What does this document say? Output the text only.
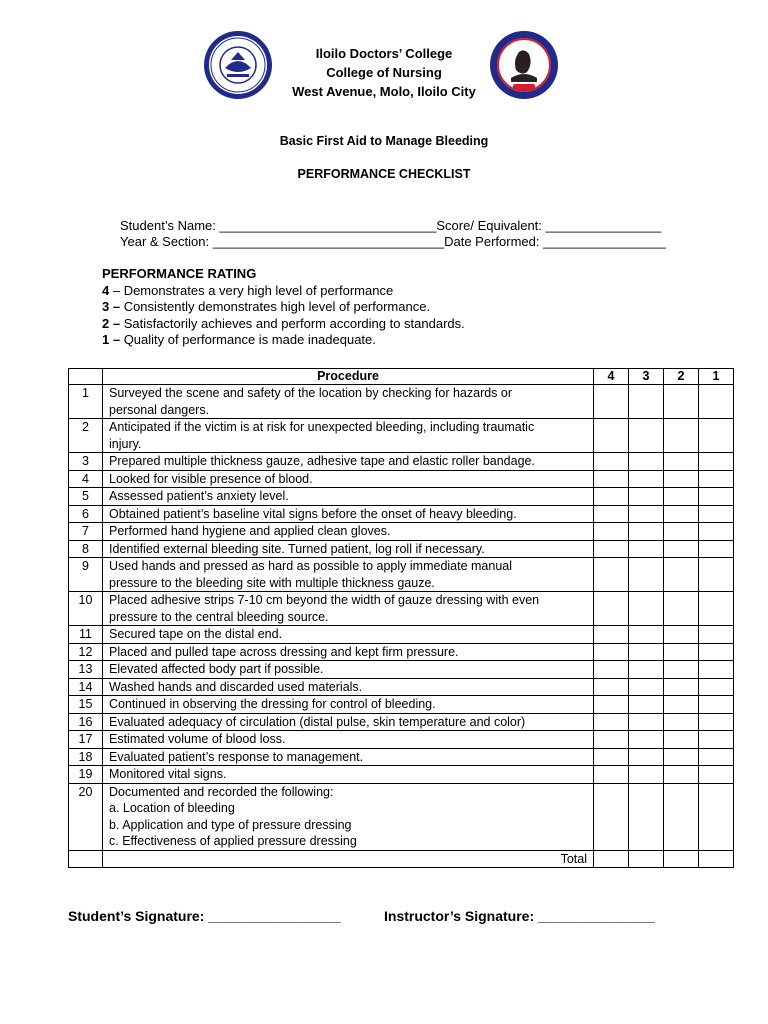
Iloilo Doctors’ College
College of Nursing
West Avenue, Molo, Iloilo City
Basic First Aid to Manage Bleeding
PERFORMANCE CHECKLIST
Student’s Name: ______________________________Score/ Equivalent: ________________
Year & Section: ________________________________Date Performed: _________________
PERFORMANCE RATING
4 – Demonstrates a very high level of performance
3 – Consistently demonstrates high level of performance.
2 – Satisfactorily achieves and perform according to standards.
1 – Quality of performance is made inadequate.
	Procedure	4	3	2	1
1	Surveyed the scene and safety of the location by checking for hazards or
personal dangers.				

2	Anticipated if the victim is at risk for unexpected bleeding, including traumatic
injury.				

3	Prepared multiple thickness gauze, adhesive tape and elastic roller bandage.				

4	Looked for visible presence of blood.				

5	Assessed patient’s anxiety level.				

6	Obtained patient’s baseline vital signs before the onset of heavy bleeding.				

7	Performed hand hygiene and applied clean gloves.				

8	Identified external bleeding site. Turned patient, log roll if necessary.				

9	Used hands and pressed as hard as possible to apply immediate manual
pressure to the bleeding site with multiple thickness gauze.				

10	Placed adhesive strips 7-10 cm beyond the width of gauze dressing with even
pressure to the central bleeding source.				

11	Secured tape on the distal end.				

12	Placed and pulled tape across dressing and kept firm pressure.				

13	Elevated affected body part if possible.				

14	Washed hands and discarded used materials.				

15	Continued in observing the dressing for control of bleeding.				

16	Evaluated adequacy of circulation (distal pulse, skin temperature and color)				

17	Estimated volume of blood loss.				

18	Evaluated patient’s response to management.				

19	Monitored vital signs.				

20	Documented and recorded the following:
a. Location of bleeding
b. Application and type of pressure dressing
c. Effectiveness of applied pressure dressing				

	Total				
Student’s Signature: _________________	Instructor’s Signature: _______________
